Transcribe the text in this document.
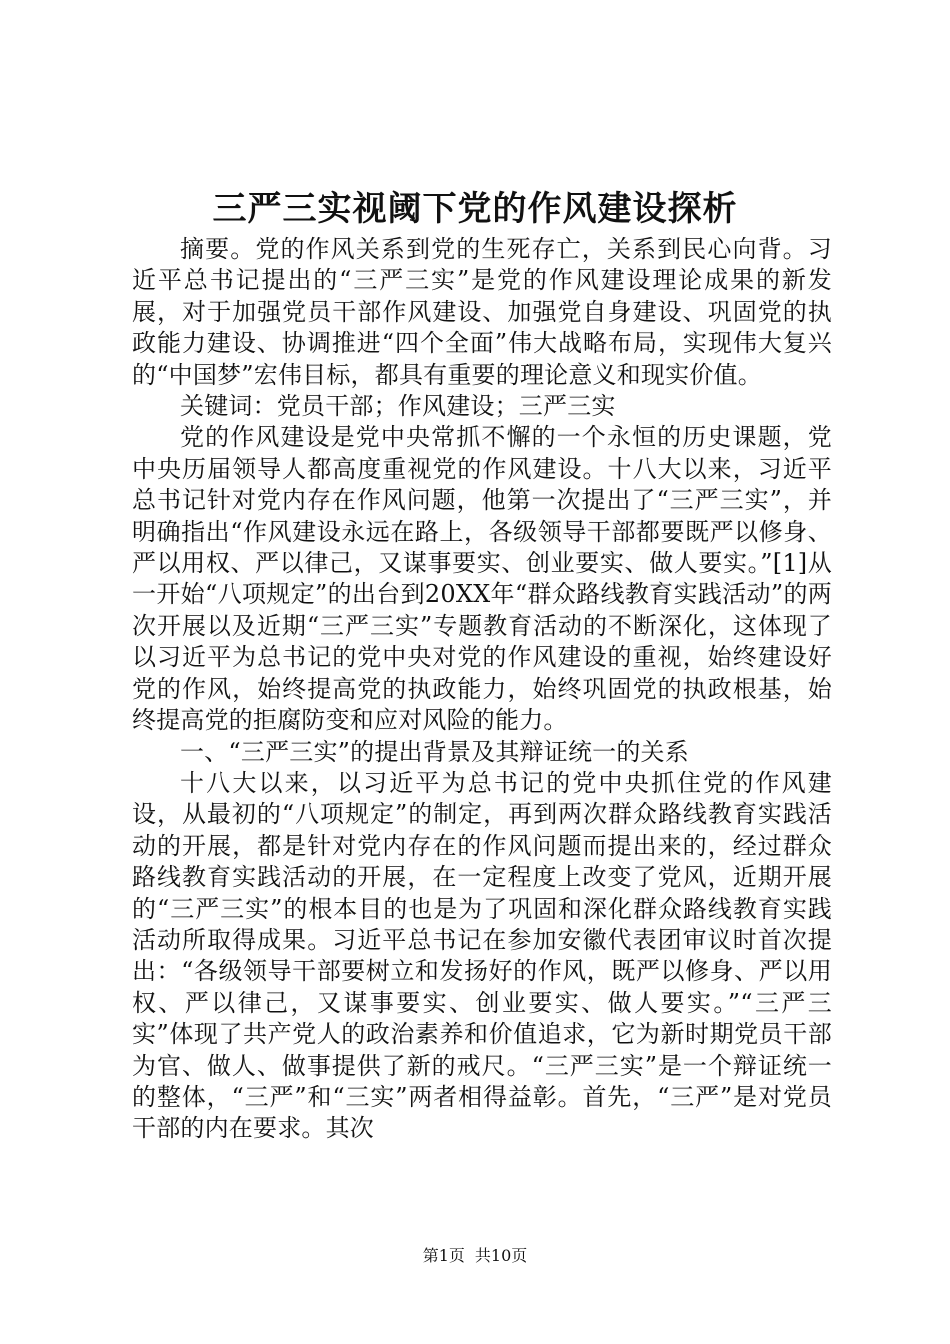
三严三实视阈下党的作风建设探析

摘要。党的作风关系到党的生死存亡，关系到民心向背。习近平总书记提出的“三严三实”是党的作风建设理论成果的新发展，对于加强党员干部作风建设、加强党自身建设、巩固党的执政能力建设、协调推进“四个全面”伟大战略布局，实现伟大复兴的“中国梦”宏伟目标，都具有重要的理论意义和现实价值。

关键词：党员干部；作风建设；三严三实

党的作风建设是党中央常抓不懈的一个永恒的历史课题，党中央历届领导人都高度重视党的作风建设。十八大以来，习近平总书记针对党内存在作风问题，他第一次提出了“三严三实”，并明确指出“作风建设永远在路上，各级领导干部都要既严以修身、严以用权、严以律己，又谋事要实、创业要实、做人要实。”[1]从一开始“八项规定”的出台到20XX年“群众路线教育实践活动”的两次开展以及近期“三严三实”专题教育活动的不断深化，这体现了以习近平为总书记的党中央对党的作风建设的重视，始终建设好党的作风，始终提高党的执政能力，始终巩固党的执政根基，始终提高党的拒腐防变和应对风险的能力。

一、“三严三实”的提出背景及其辩证统一的关系

十八大以来，以习近平为总书记的党中央抓住党的作风建设，从最初的“八项规定”的制定，再到两次群众路线教育实践活动的开展，都是针对党内存在的作风问题而提出来的，经过群众路线教育实践活动的开展，在一定程度上改变了党风，近期开展的“三严三实”的根本目的也是为了巩固和深化群众路线教育实践活动所取得成果。习近平总书记在参加安徽代表团审议时首次提出：“各级领导干部要树立和发扬好的作风，既严以修身、严以用权、严以律己，又谋事要实、创业要实、做人要实。”“三严三实”体现了共产党人的政治素养和价值追求，它为新时期党员干部为官、做人、做事提供了新的戒尺。“三严三实”是一个辩证统一的整体，“三严”和“三实”两者相得益彰。首先，“三严”是对党员干部的内在要求。其次

第1页 共10页
